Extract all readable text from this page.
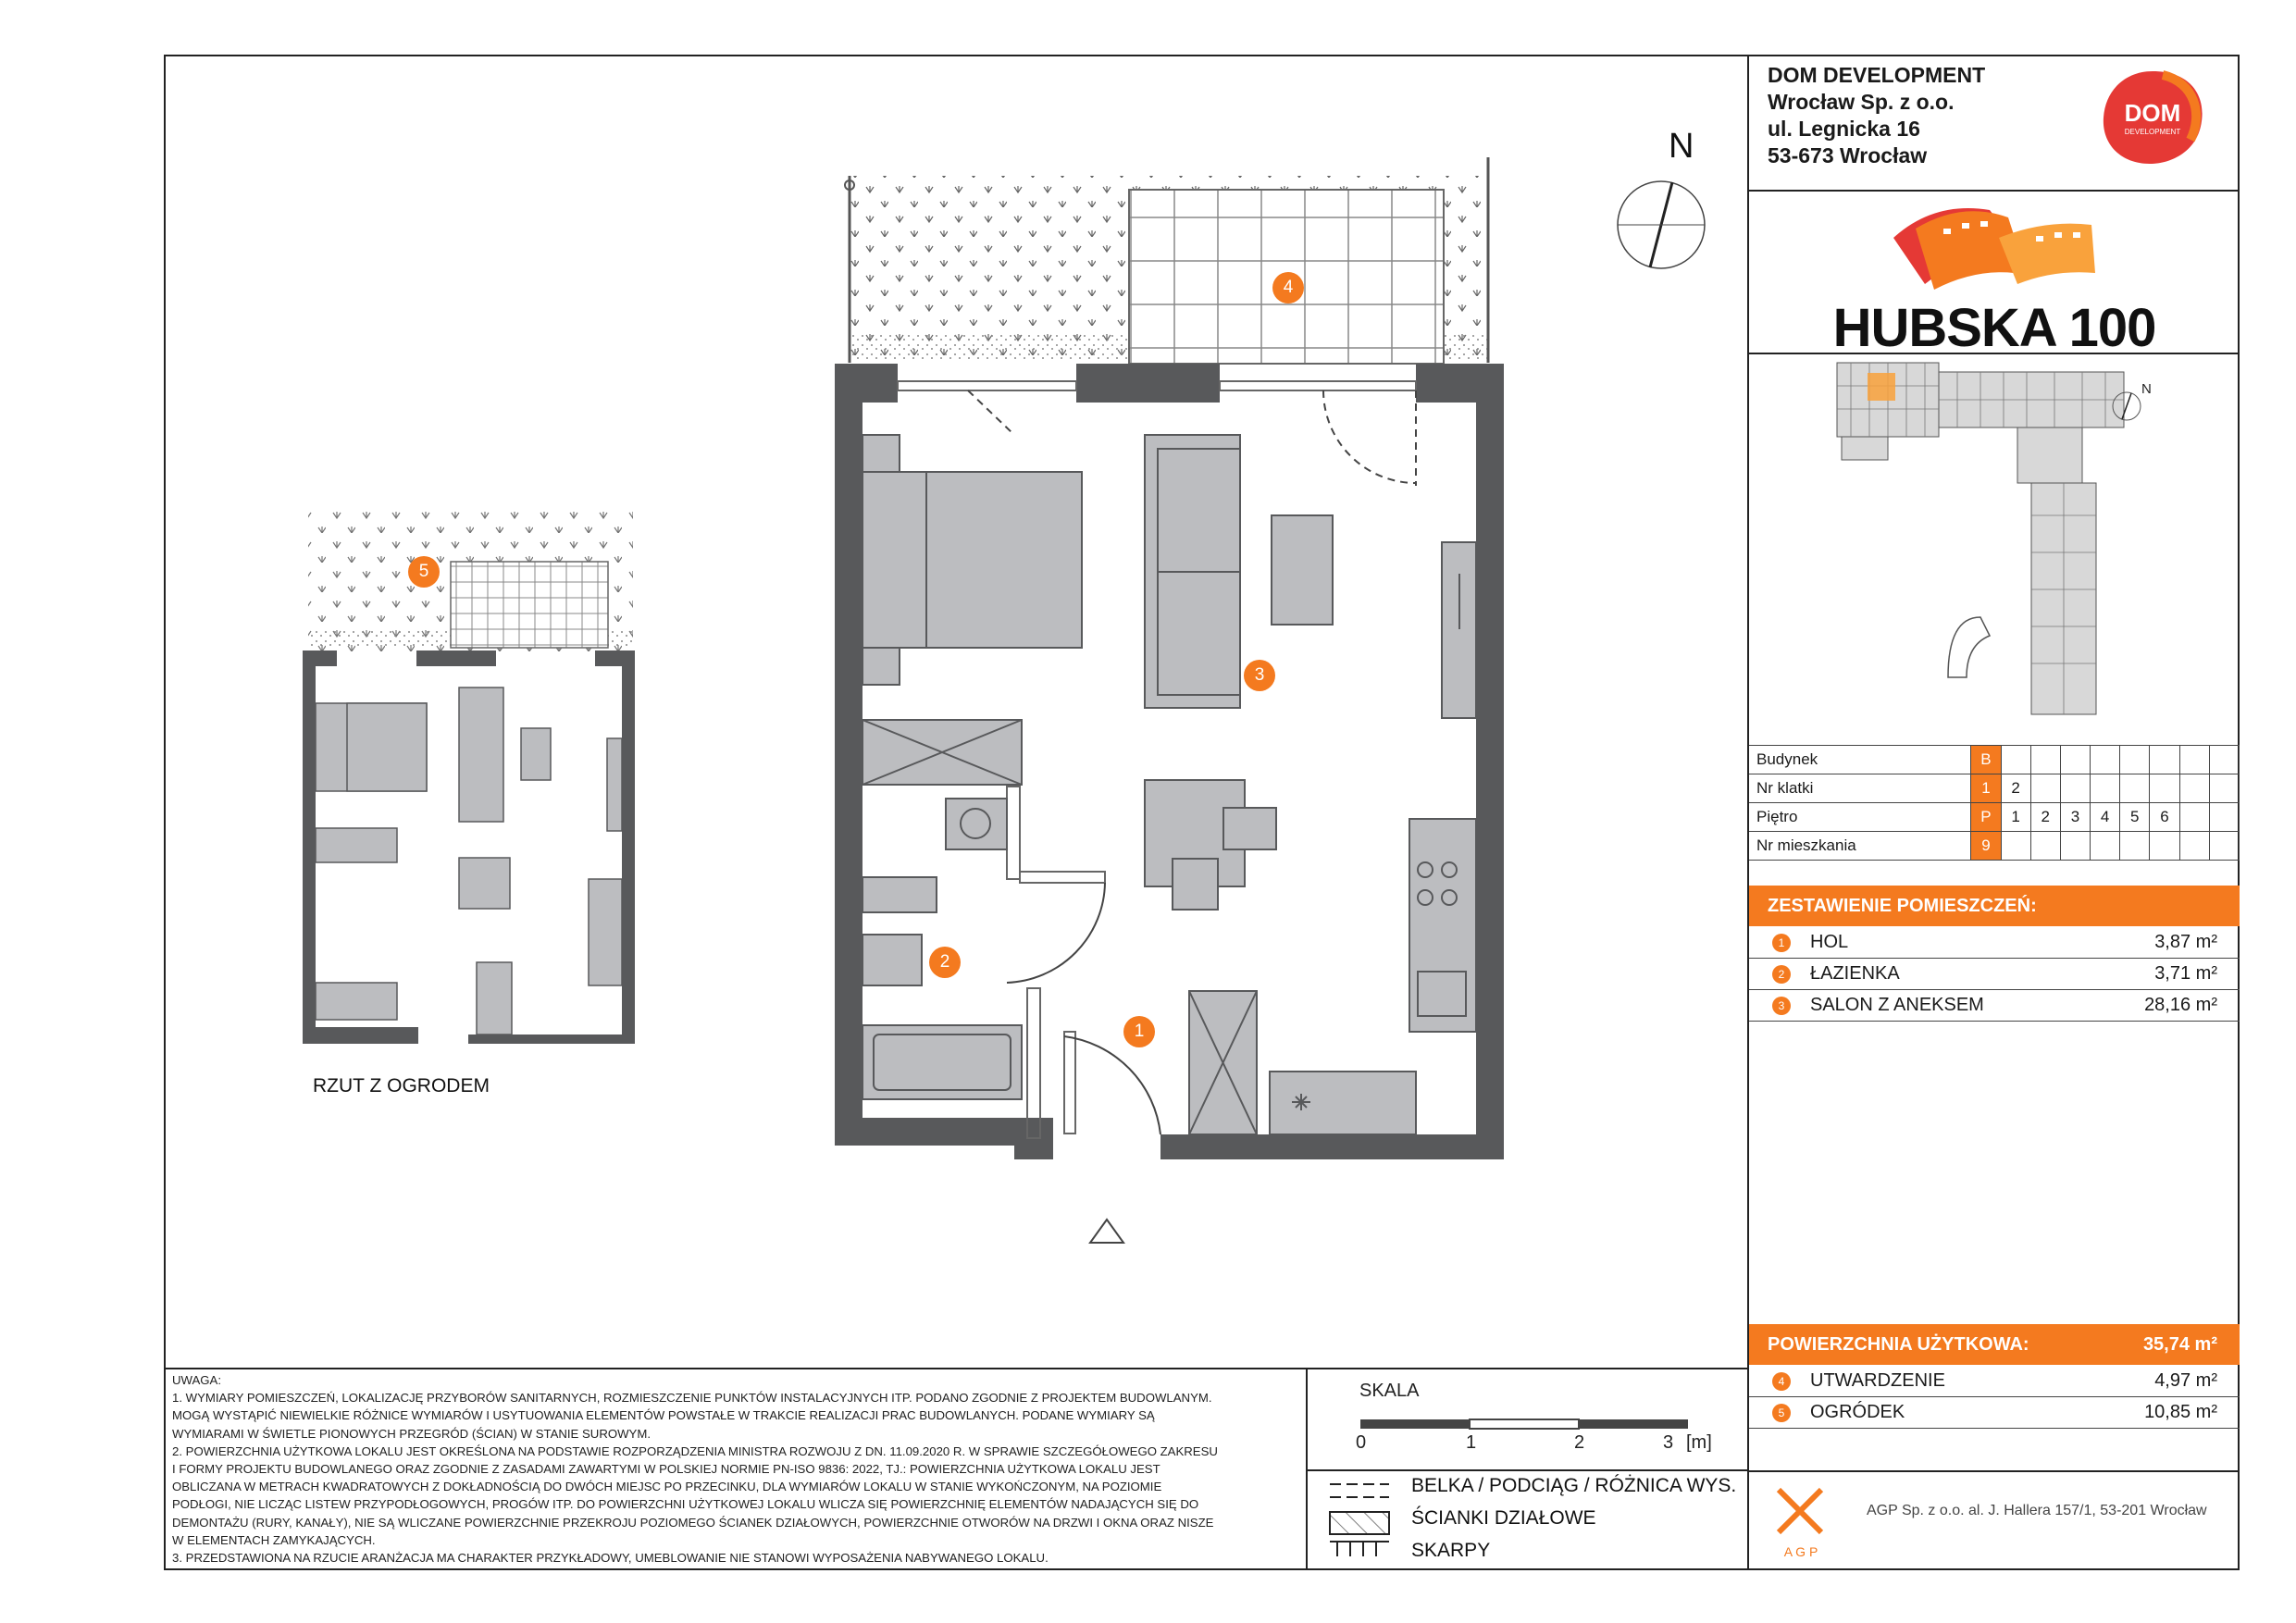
4
3
2
1
5
N
RZUT Z OGRODEM
DOM DEVELOPMENT
Wrocław Sp. z o.o.
ul. Legnicka 16
53-673 Wrocław
DOM
DEVELOPMENT
HUBSKA 100
N
Budynek	B								
Nr klatki	1	2							
Piętro	P	1	2	3	4	5	6		
Nr mieszkania	9								
ZESTAWIENIE POMIESZCZEŃ:
1	HOL	3,87 m²
2	ŁAZIENKA	3,71 m²
3	SALON Z ANEKSEM	28,16 m²
POWIERZCHNIA UŻYTKOWA:	35,74 m²
4	UTWARDZENIE	4,97 m²
5	OGRÓDEK	10,85 m²
UWAGA:
1. WYMIARY POMIESZCZEŃ, LOKALIZACJĘ PRZYBORÓW SANITARNYCH, ROZMIESZCZENIE PUNKTÓW INSTALACYJNYCH ITP. PODANO ZGODNIE Z PROJEKTEM BUDOWLANYM.
MOGĄ WYSTĄPIĆ NIEWIELKIE RÓŻNICE WYMIARÓW I USYTUOWANIA ELEMENTÓW POWSTAŁE W TRAKCIE REALIZACJI PRAC BUDOWLANYCH. PODANE WYMIARY SĄ
WYMIARAMI W ŚWIETLE PIONOWYCH PRZEGRÓD (ŚCIAN) W STANIE SUROWYM.
2. POWIERZCHNIA UŻYTKOWA LOKALU JEST OKREŚLONA NA PODSTAWIE ROZPORZĄDZENIA MINISTRA ROZWOJU Z DN. 11.09.2020 R. W SPRAWIE SZCZEGÓŁOWEGO ZAKRESU
I FORMY PROJEKTU BUDOWLANEGO ORAZ ZGODNIE Z ZASADAMI ZAWARTYMI W POLSKIEJ NORMIE PN-ISO 9836: 2022, TJ.: POWIERZCHNIA UŻYTKOWA LOKALU JEST
OBLICZANA W METRACH KWADRATOWYCH Z DOKŁADNOŚCIĄ DO DWÓCH MIEJSC PO PRZECINKU, DLA WYMIARÓW LOKALU W STANIE WYKOŃCZONYM, NA POZIOMIE
PODŁOGI, NIE LICZĄC LISTEW PRZYPODŁOGOWYCH, PROGÓW ITP. DO POWIERZCHNI UŻYTKOWEJ LOKALU WLICZA SIĘ POWIERZCHNIĘ ELEMENTÓW NADAJĄCYCH SIĘ DO
DEMONTAŻU (RURY, KANAŁY), NIE SĄ WLICZANE POWIERZCHNIE PRZEKROJU POZIOMEGO ŚCIANEK DZIAŁOWYCH, POWIERZCHNIE OTWORÓW NA DRZWI I OKNA ORAZ NISZE
W ELEMENTACH ZAMYKAJĄCYCH.
3. PRZEDSTAWIONA NA RZUCIE ARANŻACJA MA CHARAKTER PRZYKŁADOWY, UMEBLOWANIE NIE STANOWI WYPOSAŻENIA NABYWANEGO LOKALU.
SKALA
0	1	2	3 [m]
BELKA / PODCIĄG / RÓŻNICA WYS.
ŚCIANKI DZIAŁOWE
SKARPY	A G P
AGP Sp. z o.o. al. J. Hallera 157/1, 53-201 Wrocław
